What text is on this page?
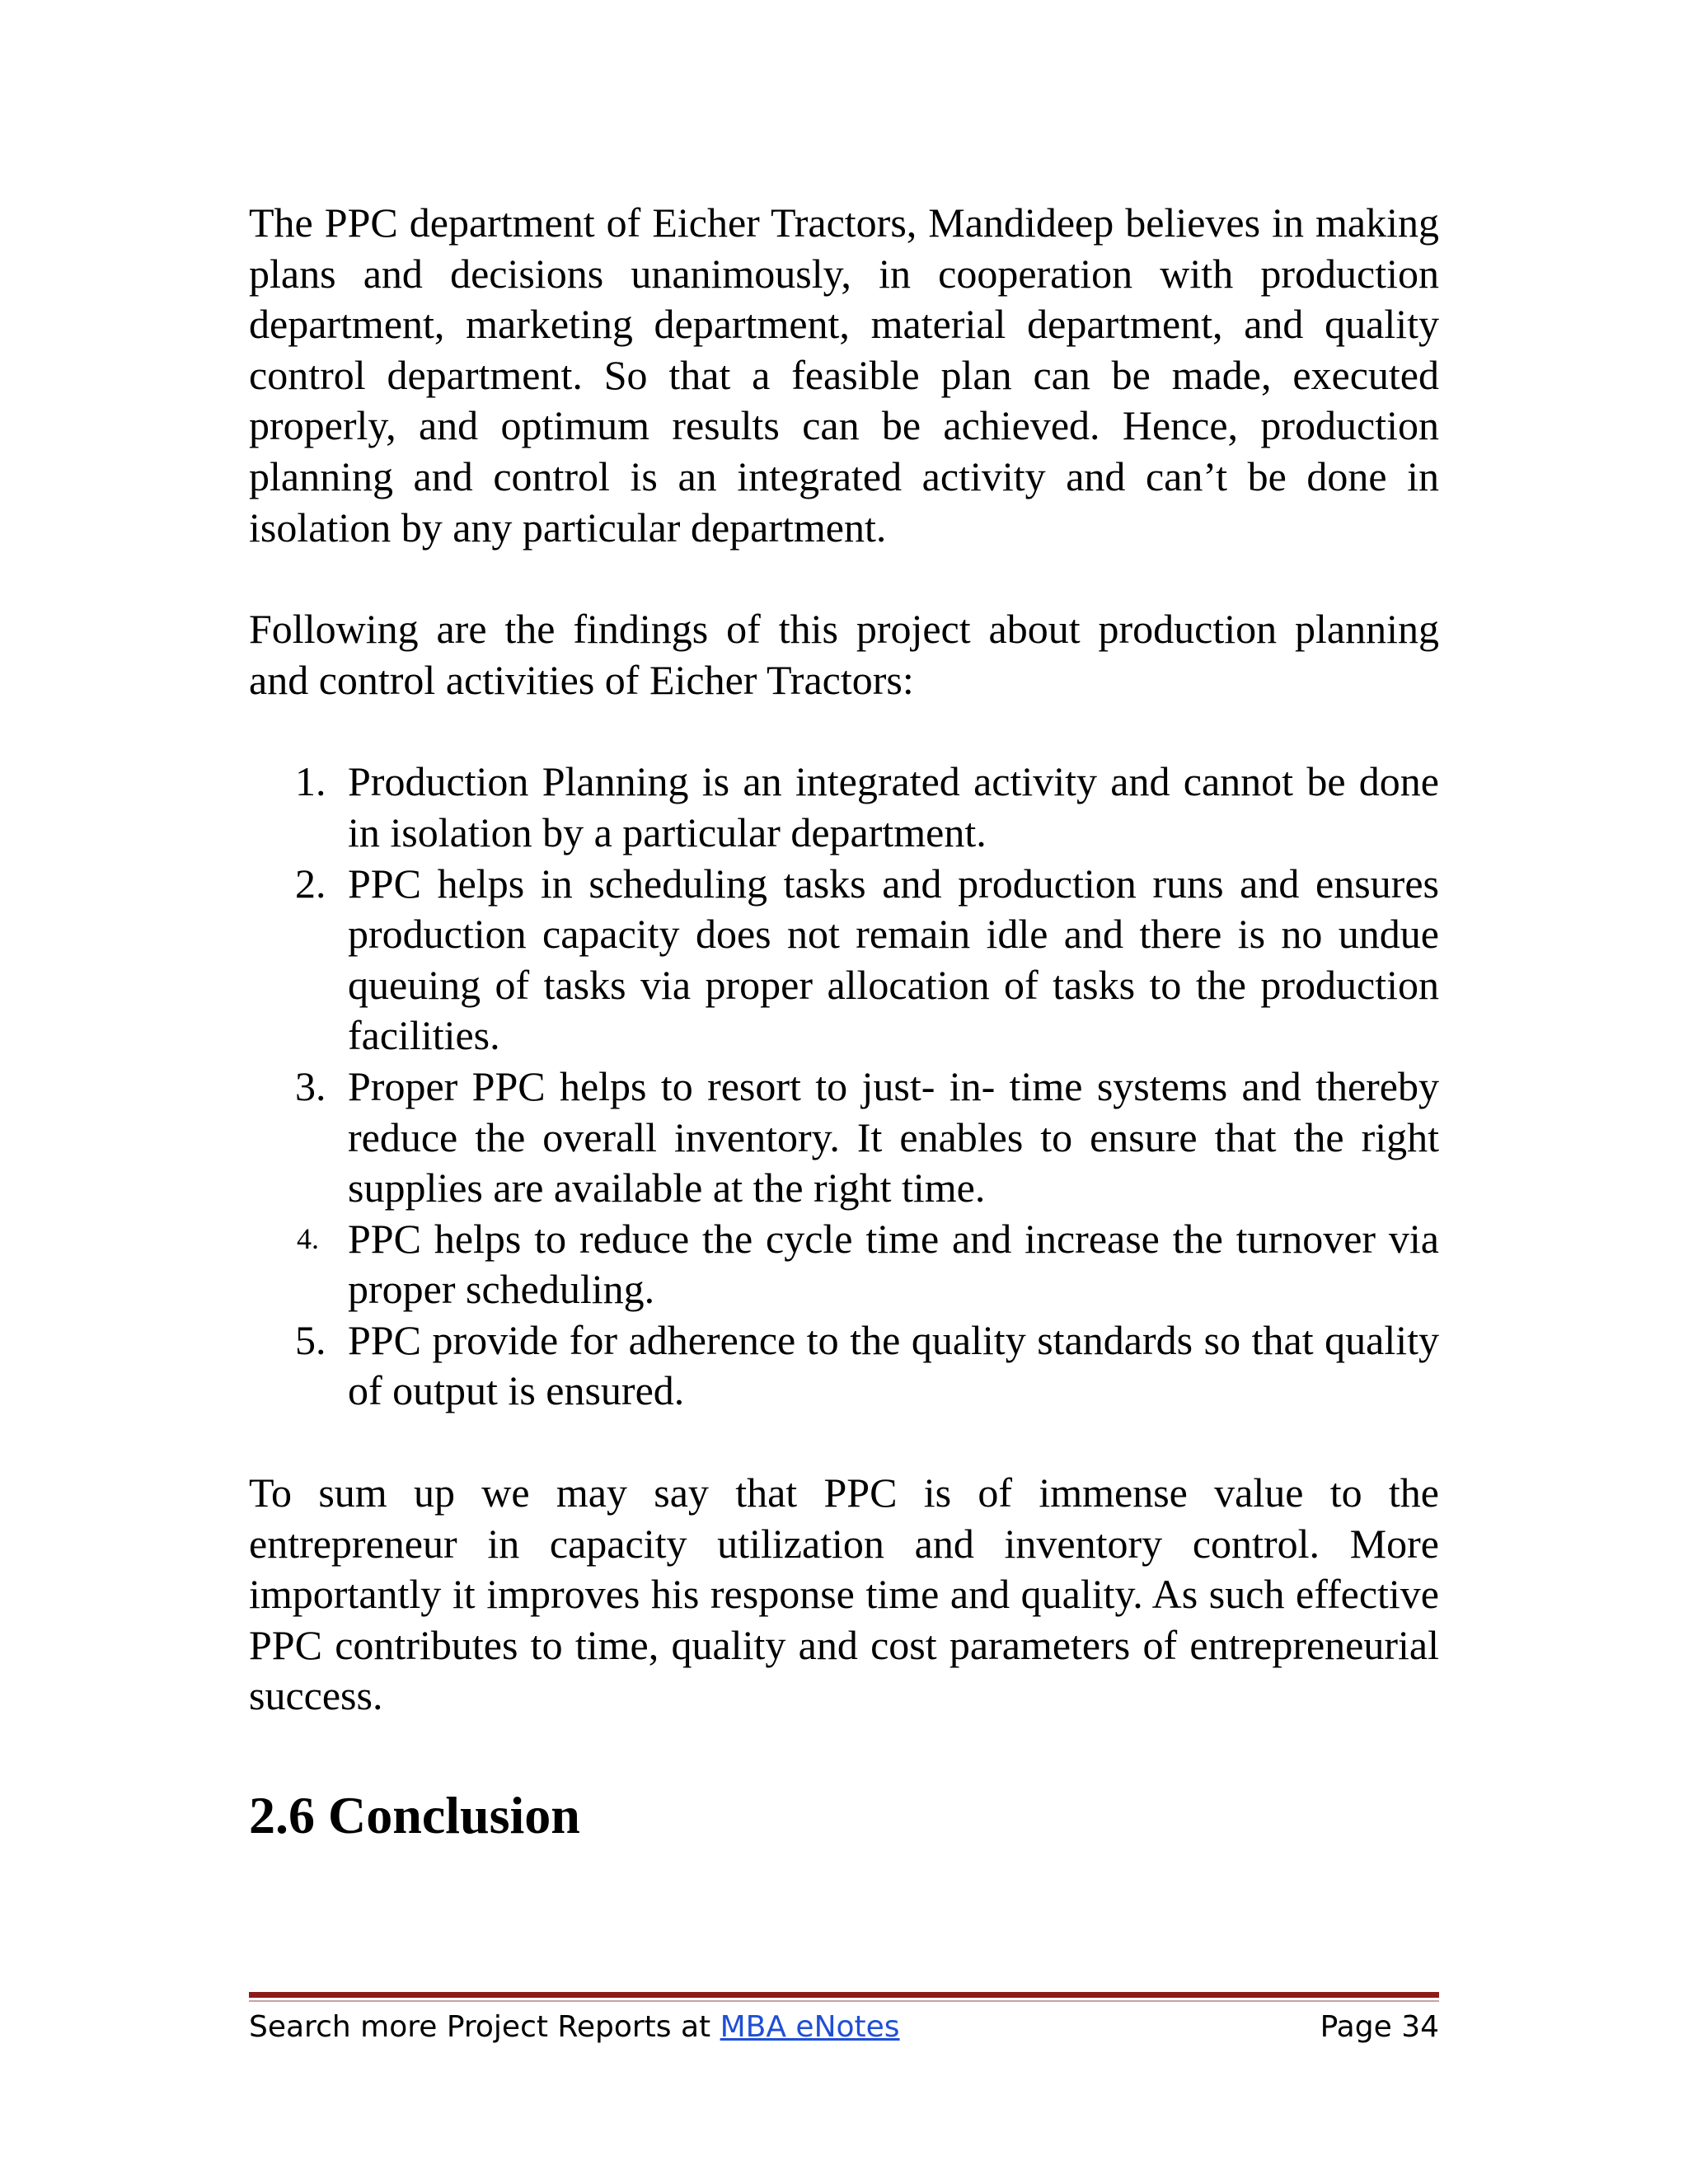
The PPC department of Eicher Tractors, Mandideep believes in making plans and decisions unanimously, in cooperation with production department, marketing department, material department, and quality control department. So that a feasible plan can be made, executed properly, and optimum results can be achieved. Hence, production planning and control is an integrated activity and can’t be done in isolation by any particular department.

Following are the findings of this project about production planning and control activities of Eicher Tractors:

1. Production Planning is an integrated activity and cannot be done in isolation by a particular department.
2. PPC helps in scheduling tasks and production runs and ensures production capacity does not remain idle and there is no undue queuing of tasks via proper allocation of tasks to the production facilities.
3. Proper PPC helps to resort to just- in- time systems and thereby reduce the overall inventory. It enables to ensure that the right supplies are available at the right time.
4. PPC helps to reduce the cycle time and increase the turnover via proper scheduling.
5. PPC provide for adherence to the quality standards so that quality of output is ensured.

To sum up we may say that PPC is of immense value to the entrepreneur in capacity utilization and inventory control. More importantly it improves his response time and quality. As such effective PPC contributes to time, quality and cost parameters of entrepreneurial success.

2.6 Conclusion
Search more Project Reports at MBA eNotes	Page 34
